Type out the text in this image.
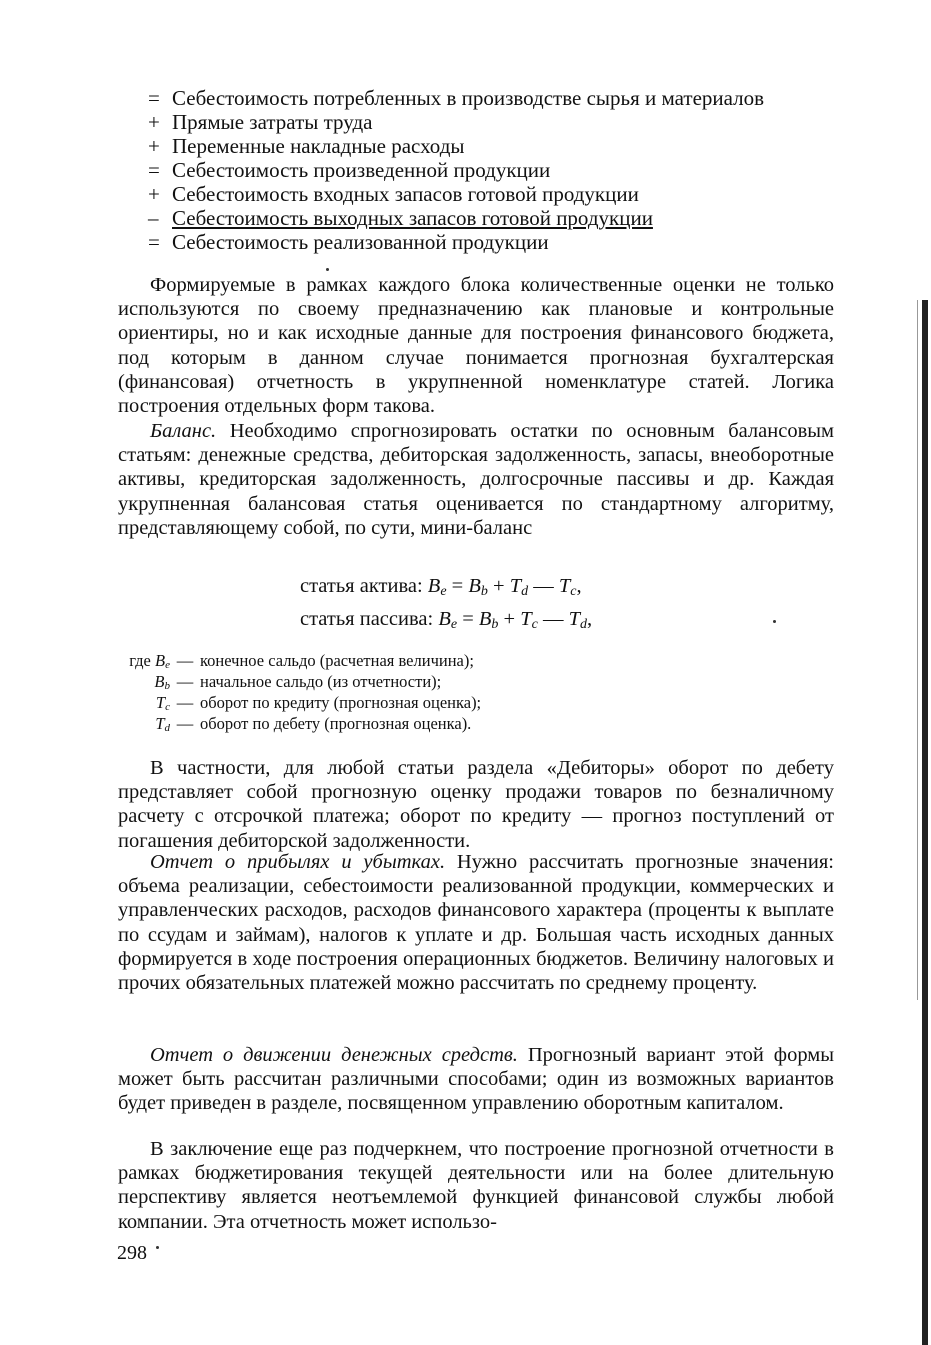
= Себестоимость потребленных в производстве сырья и материалов
+ Прямые затраты труда
+ Переменные накладные расходы
= Себестоимость произведенной продукции
+ Себестоимость входных запасов готовой продукции
– Себестоимость выходных запасов готовой продукции
= Себестоимость реализованной продукции

Формируемые в рамках каждого блока количественные оценки не только используются по своему предназначению как плановые и контрольные ориентиры, но и как исходные данные для построения финансового бюджета, под которым в данном случае понимается прогнозная бухгалтерская (финансовая) отчетность в укрупненной номенклатуре статей. Логика построения отдельных форм такова.

Баланс. Необходимо спрогнозировать остатки по основным балансовым статьям: денежные средства, дебиторская задолженность, запасы, внеоборотные активы, кредиторская задолженность, долгосрочные пассивы и др. Каждая укрупненная балансовая статья оценивается по стандартному алгоритму, представляющему собой, по сути, мини-баланс

статья актива: $B_e = B_b + T_d$ — $T_c$,
статья пассива: $B_e = B_b + T_c$ — $T_d$,
где $B_e$ — конечное сальдо (расчетная величина);
$B_b$ — начальное сальдо (из отчетности);
$T_c$ — оборот по кредиту (прогнозная оценка);
$T_d$ — оборот по дебету (прогнозная оценка).

В частности, для любой статьи раздела «Дебиторы» оборот по дебету представляет собой прогнозную оценку продажи товаров по безналичному расчету с отсрочкой платежа; оборот по кредиту — прогноз поступлений от погашения дебиторской задолженности.

Отчет о прибылях и убытках. Нужно рассчитать прогнозные значения: объема реализации, себестоимости реализованной продукции, коммерческих и управленческих расходов, расходов финансового характера (проценты к выплате по ссудам и займам), налогов к уплате и др. Большая часть исходных данных формируется в ходе построения операционных бюджетов. Величину налоговых и прочих обязательных платежей можно рассчитать по среднему проценту.

Отчет о движении денежных средств. Прогнозный вариант этой формы может быть рассчитан различными способами; один из возможных вариантов будет приведен в разделе, посвященном управлению оборотным капиталом.

В заключение еще раз подчеркнем, что построение прогнозной отчетности в рамках бюджетирования текущей деятельности или на более длительную перспективу является неотъемлемой функцией финансовой службы любой компании. Эта отчетность может использо-

298
